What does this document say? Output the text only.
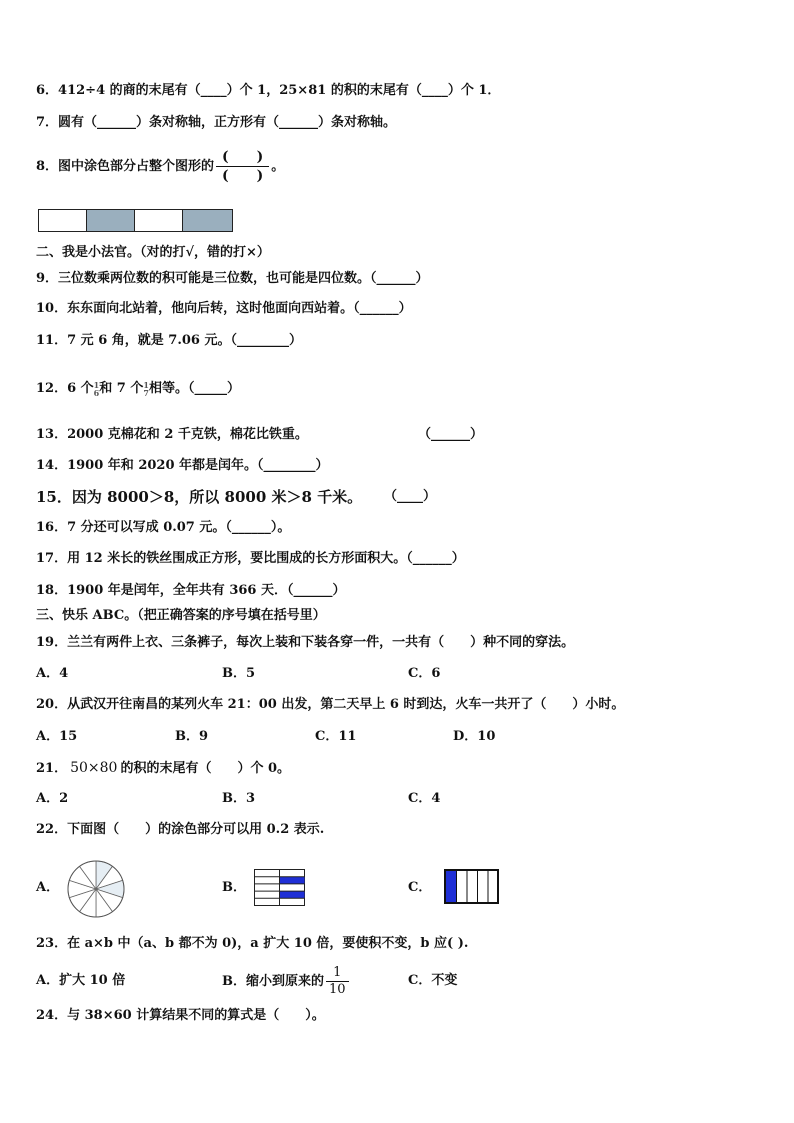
6．412÷4 的商的末尾有（____）个 1，25×81 的积的末尾有（____）个 1．
7．圆有（______）条对称轴，正方形有（______）条对称轴。
8．图中涂色部分占整个图形的 $\frac{( )}{( )}$ 。
二、我是小法官。（对的打√，错的打×）
9．三位数乘两位数的积可能是三位数，也可能是四位数。（______）
10．东东面向北站着，他向后转，这时他面向西站着。（______）
11．7 元 6 角，就是 7.06 元。（________）
12．6 个 1
6 和 7 个 1
7 相等。（_____）
13．2000 克棉花和 2 千克铁，棉花比铁重。	（______）
14．1900 年和 2020 年都是闰年。（________）
15．因为 8000＞8，所以 8000 米＞8 千米。 （____）
16．7 分还可以写成 0.07 元。（______）。
17．用 12 米长的铁丝围成正方形，要比围成的长方形面积大。（______）
18．1900 年是闰年，全年共有 366 天．（______）
三、快乐 ABC。（把正确答案的序号填在括号里）
19．兰兰有两件上衣、三条裤子，每次上装和下装各穿一件，一共有（　　）种不同的穿法。
A．4	B．5	C．6
20．从武汉开往南昌的某列火车 21：00 出发，第二天早上 6 时到达，火车一共开了（　　）小时。
A．15	B．9	C．11	D．10
21． 50×80 的积的末尾有（　　）个 0。
A．2	B．3	C．4
22．下面图（　　）的涂色部分可以用 0.2 表示.
A．	B．	C．
23．在 a×b 中（a、b 都不为 0)，a 扩大 10 倍，要使积不变，b 应( ).
A．扩大 10 倍	B．缩小到原来的 $\frac{1}{10}$	C．不变
24．与 38×60 计算结果不同的算式是（　　）。
